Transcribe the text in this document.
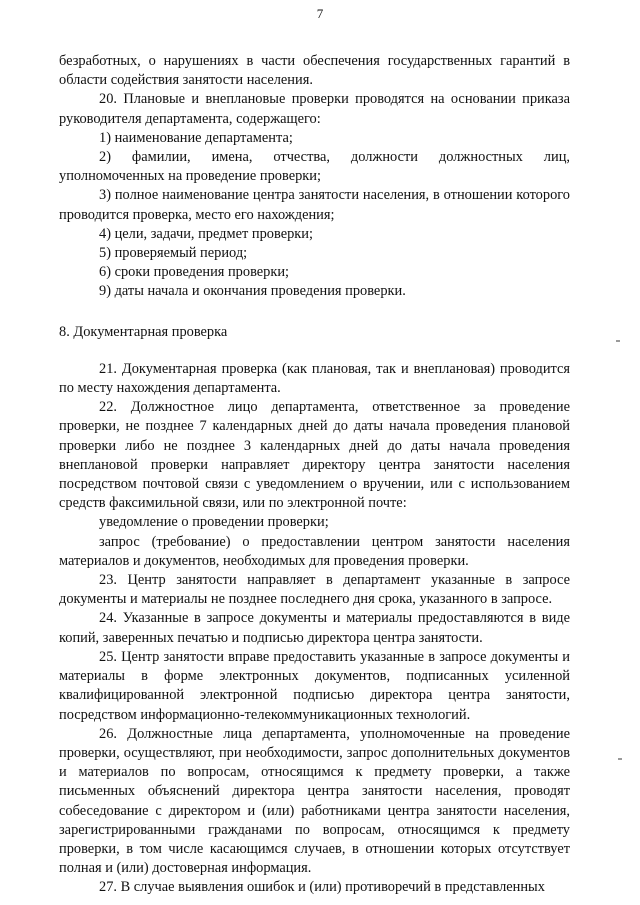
7

безработных, о нарушениях в части обеспечения государственных гарантий в области содействия занятости населения.

20. Плановые и внеплановые проверки проводятся на основании приказа руководителя департамента, содержащего:

1) наименование департамента;

2) фамилии, имена, отчества, должности должностных лиц, уполномоченных на проведение проверки;

3) полное наименование центра занятости населения, в отношении которого проводится проверка, место его нахождения;

4) цели, задачи, предмет проверки;

5) проверяемый период;

6) сроки проведения проверки;

9) даты начала и окончания проведения проверки.

8. Документарная проверка

21. Документарная проверка (как плановая, так и внеплановая) проводится по месту нахождения департамента.

22. Должностное лицо департамента, ответственное за проведение проверки, не позднее 7 календарных дней до даты начала проведения плановой проверки либо не позднее 3 календарных дней до даты начала проведения внеплановой проверки направляет директору центра занятости населения посредством почтовой связи с уведомлением о вручении, или с использованием средств факсимильной связи, или по электронной почте:

уведомление о проведении проверки;

запрос (требование) о предоставлении центром занятости населения материалов и документов, необходимых для проведения проверки.

23. Центр занятости направляет в департамент указанные в запросе документы и материалы не позднее последнего дня срока, указанного в запросе.

24. Указанные в запросе документы и материалы предоставляются в виде копий, заверенных печатью и подписью директора центра занятости.

25. Центр занятости вправе предоставить указанные в запросе документы и материалы в форме электронных документов, подписанных усиленной квалифицированной электронной подписью директора центра занятости, посредством информационно-телекоммуникационных технологий.

26. Должностные лица департамента, уполномоченные на проведение проверки, осуществляют, при необходимости, запрос дополнительных документов и материалов по вопросам, относящимся к предмету проверки, а также письменных объяснений директора центра занятости населения, проводят собеседование с директором и (или) работниками центра занятости населения, зарегистрированными гражданами по вопросам, относящимся к предмету проверки, в том числе касающимся случаев, в отношении которых отсутствует полная и (или) достоверная информация.

27. В случае выявления ошибок и (или) противоречий в представленных
